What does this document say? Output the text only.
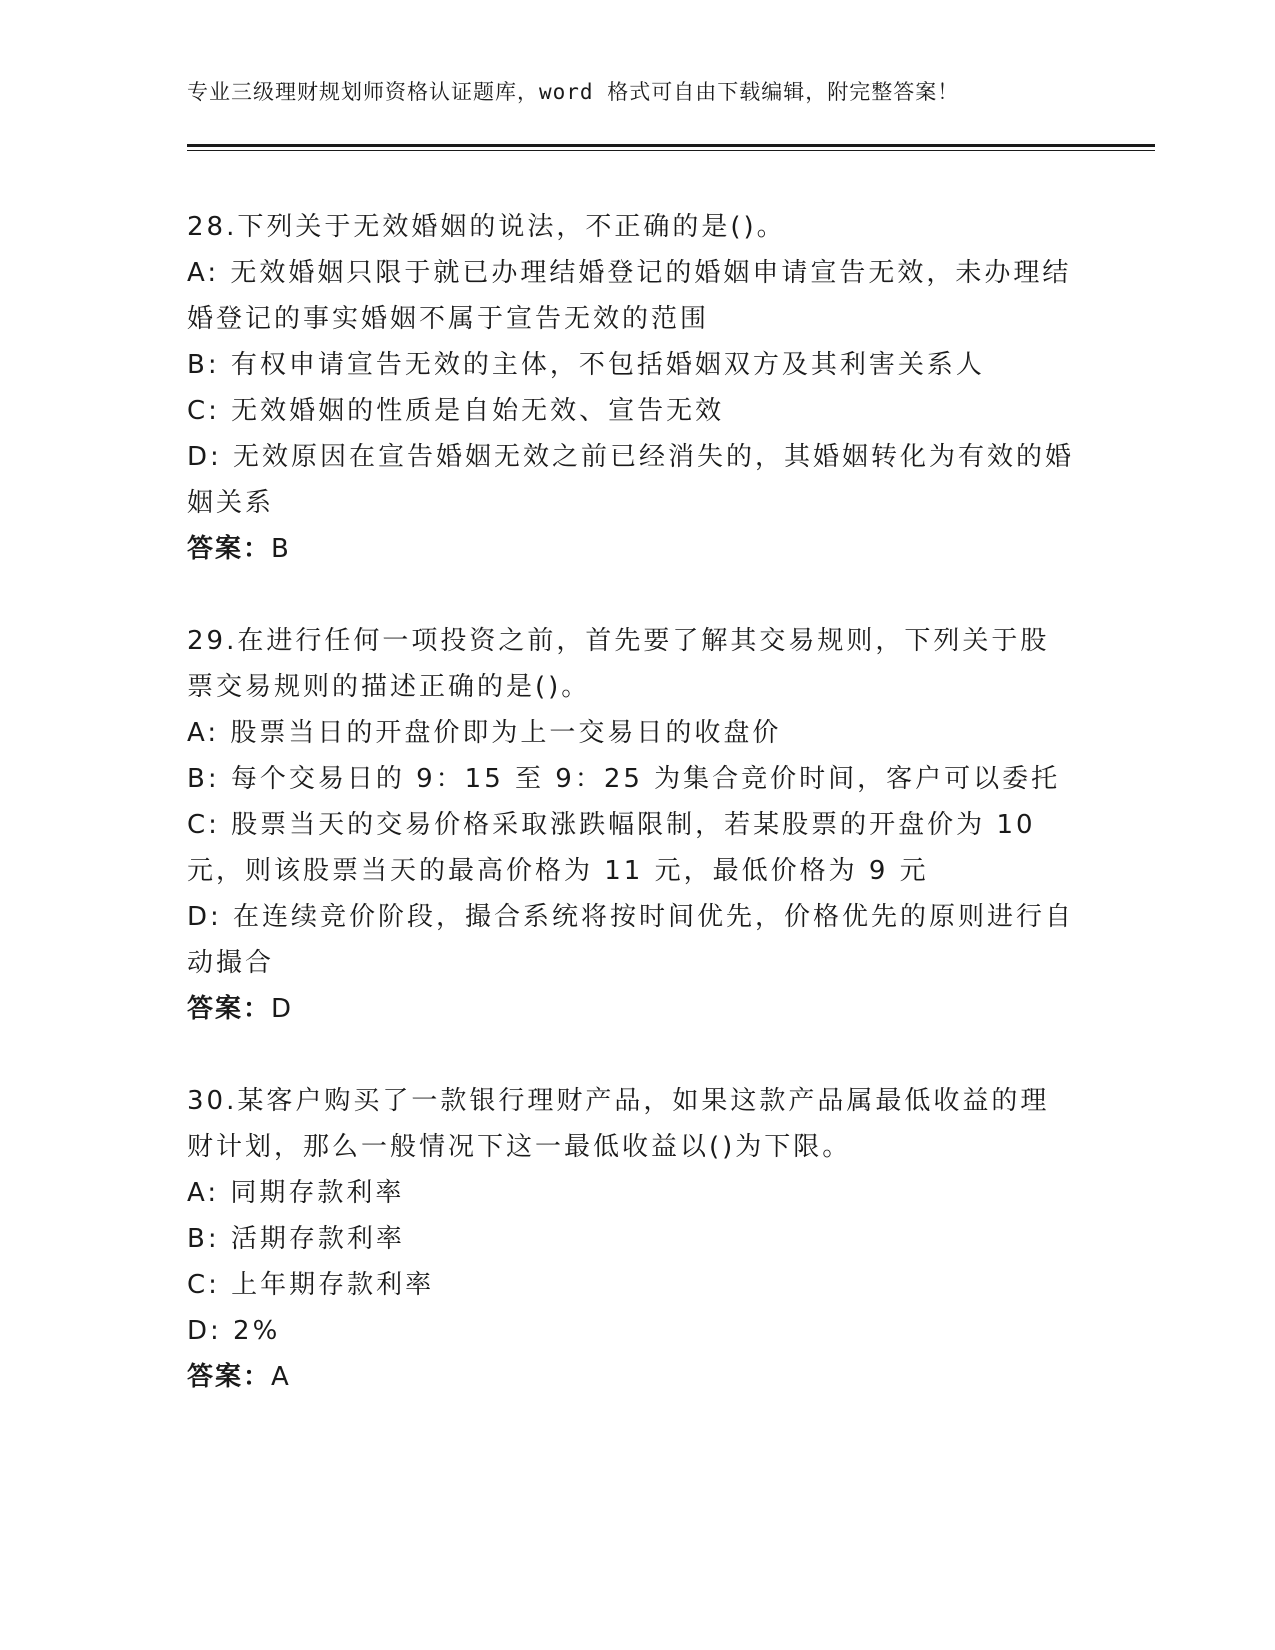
专业三级理财规划师资格认证题库，word 格式可自由下载编辑，附完整答案！
28.下列关于无效婚姻的说法，不正确的是()。
A: 无效婚姻只限于就已办理结婚登记的婚姻申请宣告无效，未办理结婚登记的事实婚姻不属于宣告无效的范围
B: 有权申请宣告无效的主体，不包括婚姻双方及其利害关系人
C: 无效婚姻的性质是自始无效、宣告无效
D: 无效原因在宣告婚姻无效之前已经消失的，其婚姻转化为有效的婚姻关系
答案：B
29.在进行任何一项投资之前，首先要了解其交易规则，下列关于股票交易规则的描述正确的是()。
A: 股票当日的开盘价即为上一交易日的收盘价
B: 每个交易日的 9：15 至 9：25 为集合竞价时间，客户可以委托
C: 股票当天的交易价格采取涨跌幅限制，若某股票的开盘价为 10 元，则该股票当天的最高价格为 11 元，最低价格为 9 元
D: 在连续竞价阶段，撮合系统将按时间优先，价格优先的原则进行自动撮合
答案：D
30.某客户购买了一款银行理财产品，如果这款产品属最低收益的理财计划，那么一般情况下这一最低收益以()为下限。
A: 同期存款利率
B: 活期存款利率
C: 上年期存款利率
D: 2%
答案：A
